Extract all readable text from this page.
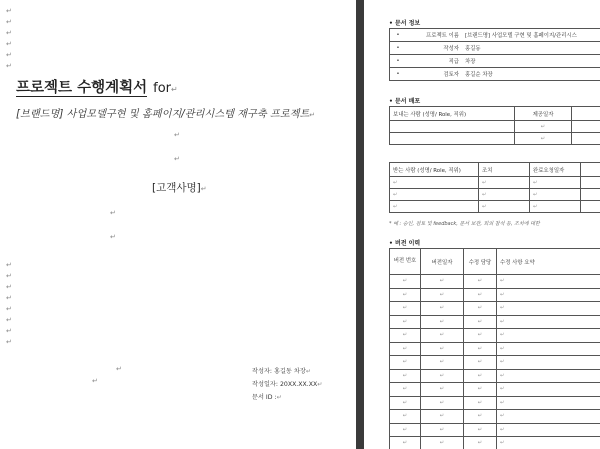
↵
↵
↵
↵
↵
↵
프로젝트 수행계획서 for↵
[브랜드명] 사업모델구현 및 홈페이지/관리시스템 재구축 프로젝트↵
↵
↵
[고객사명]↵
↵
↵
↵
↵
↵
↵
↵
↵
↵
↵
↵
↵
작성자: 홍길동 차장↵
작성일자: 20XX.XX.XX↵
문서 ID :↵
• 문서 정보
•	프로젝트 이름	[브랜드명] 사업모델 구현 및 홈페이지/관리시스
•	작성자	홍길동
•	직급	차장
•	검토자	홍길순 차장
• 문서 배포
보내는 사람 (성명/ Role, 직위)	제공일자	
	↵	
	↵	
받는 사람 (성명/ Role, 직위)	조치	완료요청일자	
↵	↵	↵	
↵	↵	↵	
↵	↵	↵	
* 예 : 승인, 검토 및 feedback, 문서 보관, 회의 참석 등, 조치에 대한
• 버전 이력
버전 번호	버전일자	수정 담당	수정 사항 요약
↵	↵	↵	↵
↵	↵	↵	↵
↵	↵	↵	↵
↵	↵	↵	↵
↵	↵	↵	↵
↵	↵	↵	↵
↵	↵	↵	↵
↵	↵	↵	↵
↵	↵	↵	↵
↵	↵	↵	↵
↵	↵	↵	↵
↵	↵	↵	↵
↵	↵	↵	↵
